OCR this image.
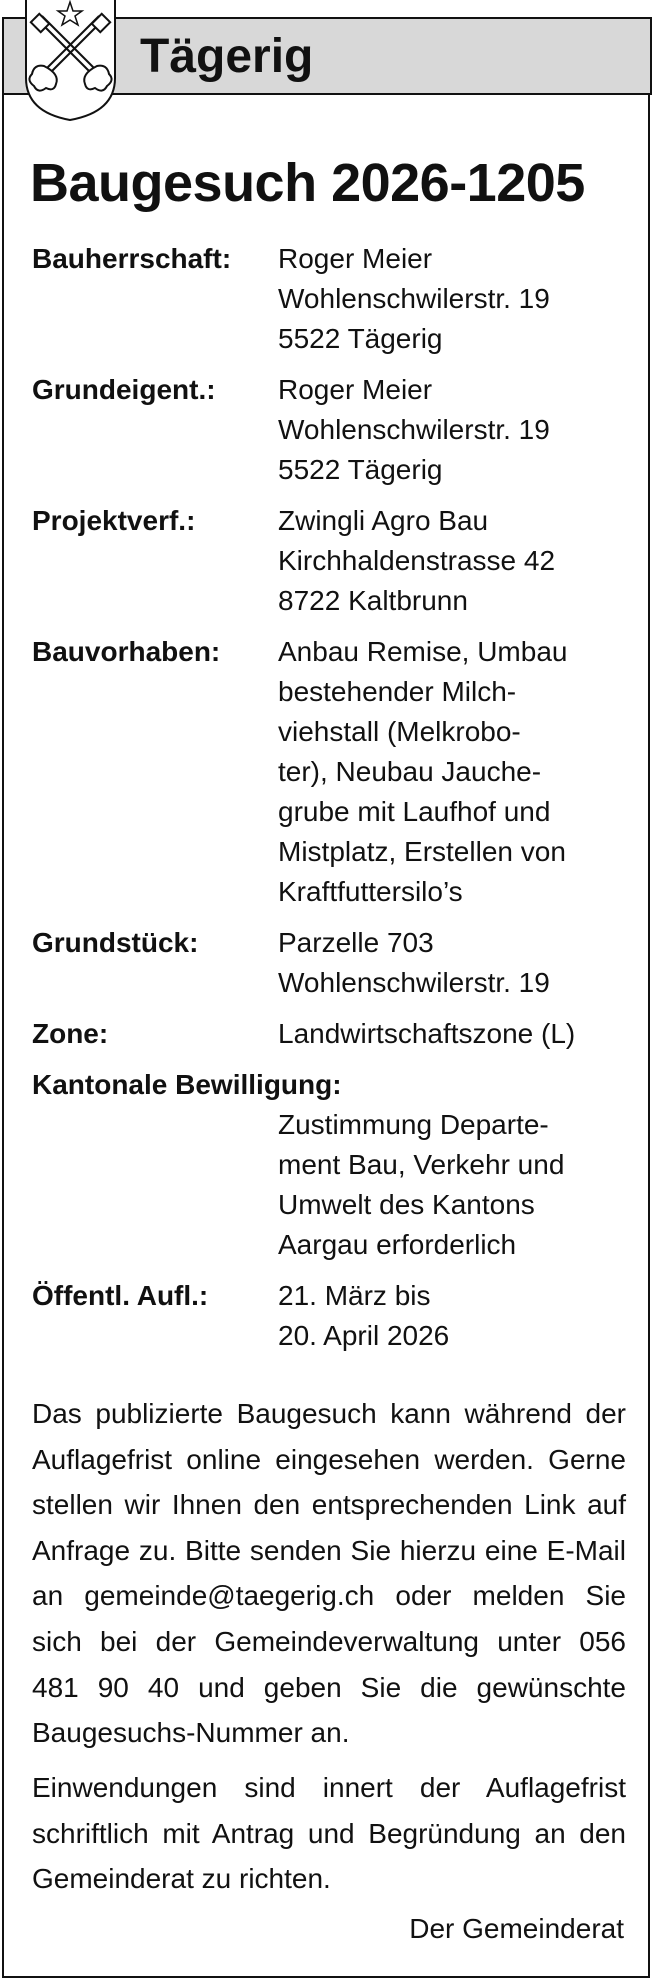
Tägerig
Baugesuch 2026-1205
Bauherrschaft:	Roger Meier
Wohlenschwilerstr. 19
5522 Tägerig
Grundeigent.:	Roger Meier
Wohlenschwilerstr. 19
5522 Tägerig
Projektverf.:	Zwingli Agro Bau
Kirchhaldenstrasse 42
8722 Kaltbrunn
Bauvorhaben:	Anbau Remise, Umbau
bestehender Milch-
viehstall (Melkrobo-
ter), Neubau Jauche-
grube mit Laufhof und
Mistplatz, Erstellen von
Kraftfuttersilo’s
Grundstück:	Parzelle 703
Wohlenschwilerstr. 19
Zone:	Landwirtschaftszone (L)
Kantonale Bewilligung:
Zustimmung Departe-
ment Bau, Verkehr und
Umwelt des Kantons
Aargau erforderlich
Öffentl. Aufl.:	21. März bis
20. April 2026

Das publizierte Baugesuch kann während der Auflagefrist online eingesehen werden. Gerne stellen wir Ihnen den entsprechenden Link auf Anfrage zu. Bitte senden Sie hierzu eine E-Mail an gemeinde@taegerig.ch oder melden Sie sich bei der Gemeindeverwaltung unter 056 481 90 40 und geben Sie die gewünschte Baugesuchs-Nummer an.

Einwendungen sind innert der Auflagefrist schriftlich mit Antrag und Begründung an den Gemeinderat zu richten.

Der Gemeinderat
